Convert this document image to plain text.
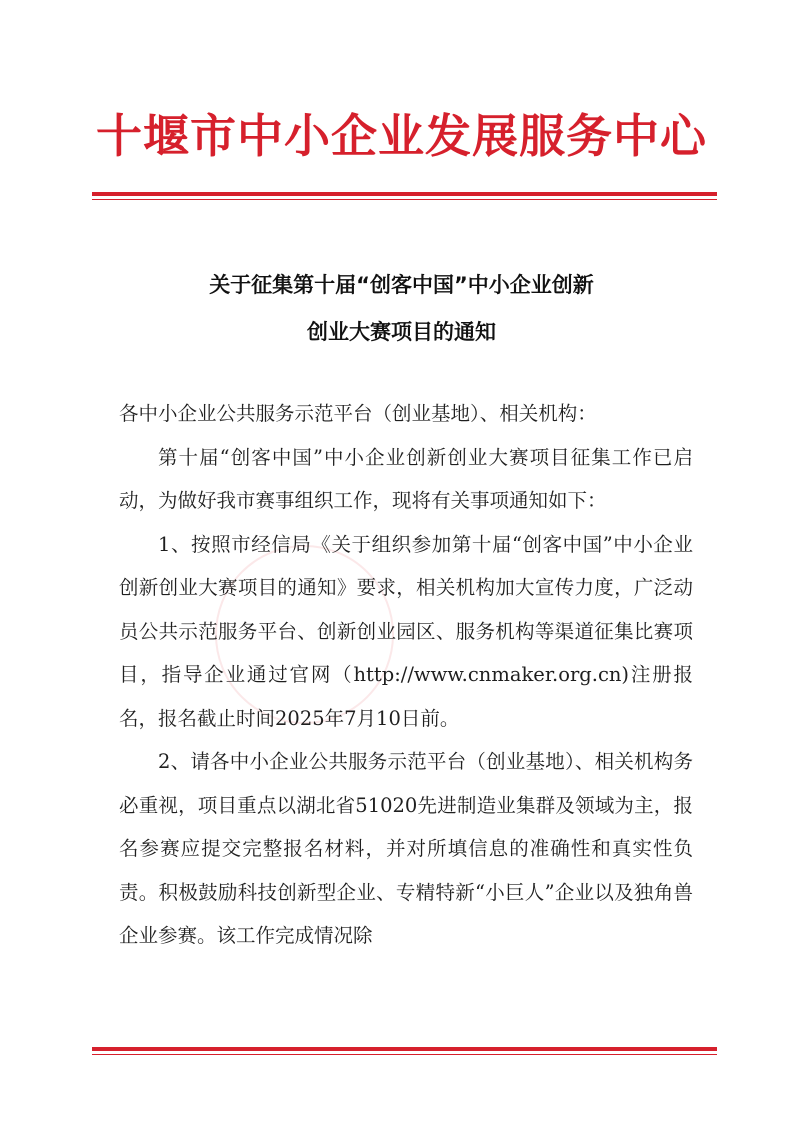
十堰市中小企业发展服务中心
关于征集第十届“创客中国”中小企业创新
创业大赛项目的通知

各中小企业公共服务示范平台（创业基地）、相关机构：

第十届“创客中国”中小企业创新创业大赛项目征集工作已启动，为做好我市赛事组织工作，现将有关事项通知如下：

1、按照市经信局《关于组织参加第十届“创客中国”中小企业创新创业大赛项目的通知》要求，相关机构加大宣传力度，广泛动员公共示范服务平台、创新创业园区、服务机构等渠道征集比赛项目，指导企业通过官网（http://www.cnmaker.org.cn)注册报名，报名截止时间2025年7月10日前。

2、请各中小企业公共服务示范平台（创业基地）、相关机构务必重视，项目重点以湖北省51020先进制造业集群及领域为主，报名参赛应提交完整报名材料，并对所填信息的准确性和真实性负责。积极鼓励科技创新型企业、专精特新“小巨人”企业以及独角兽企业参赛。该工作完成情况除
